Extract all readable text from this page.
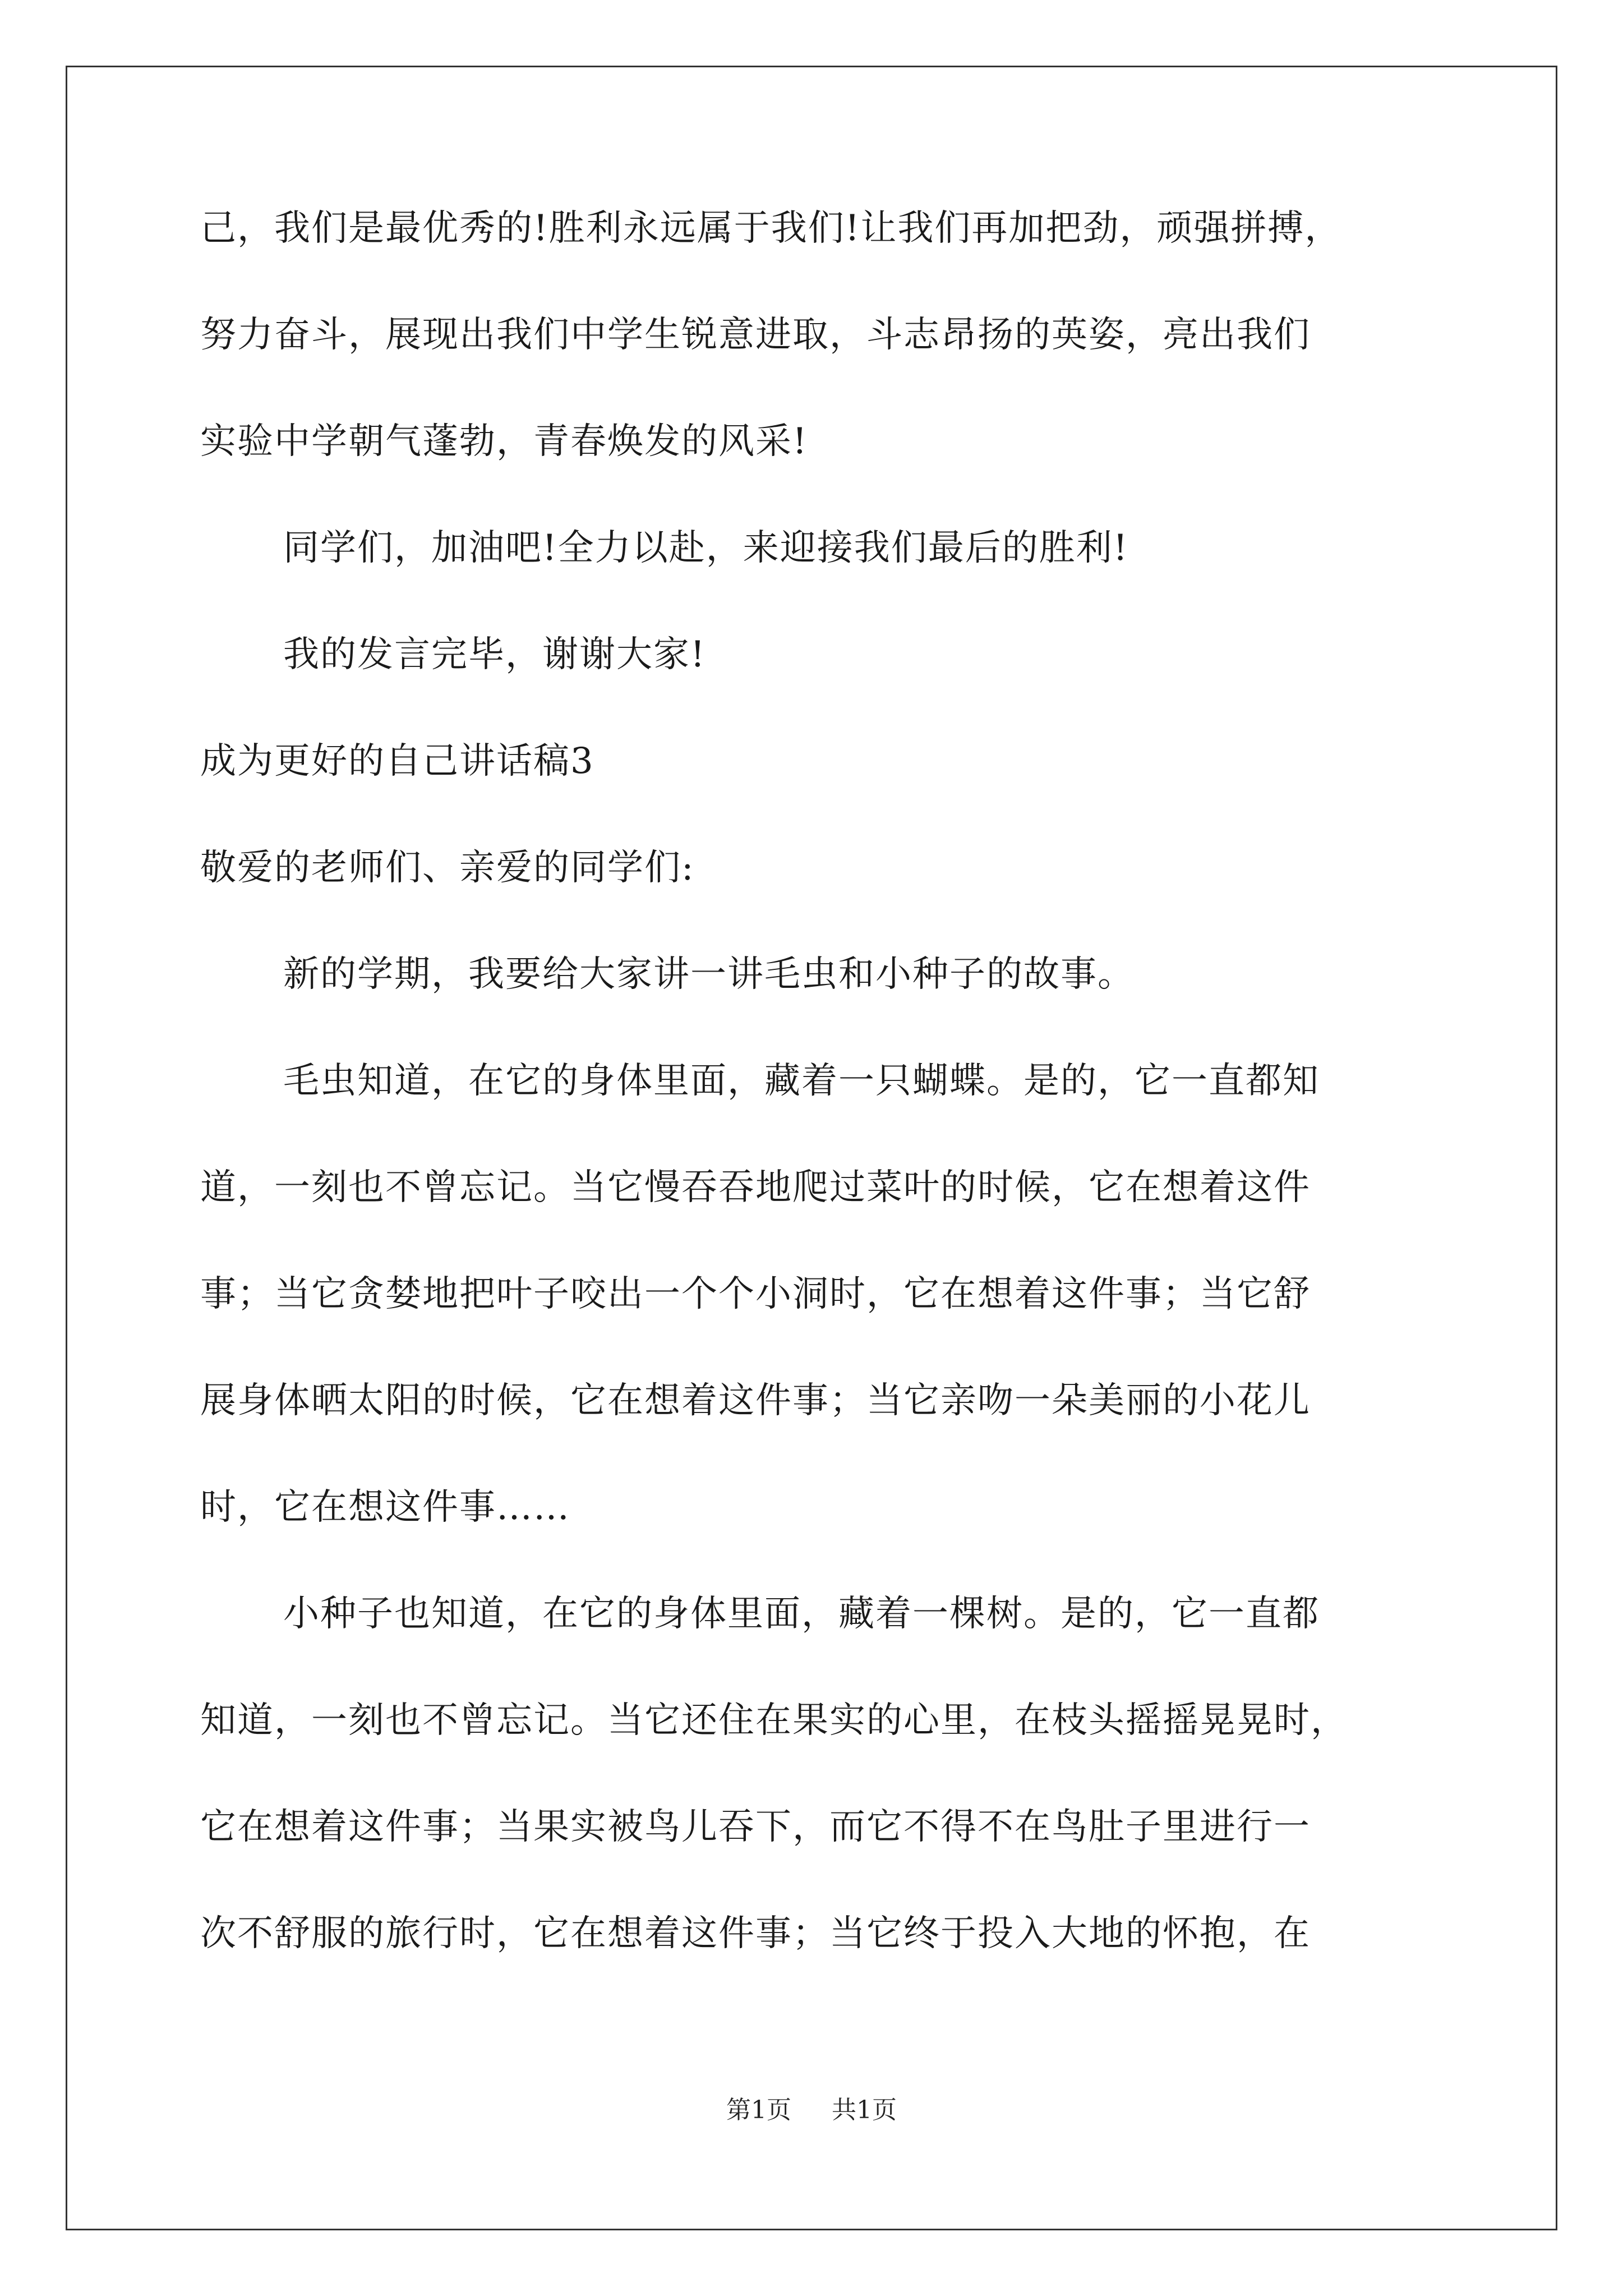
己，我们是最优秀的!胜利永远属于我们!让我们再加把劲，顽强拼搏，
努力奋斗，展现出我们中学生锐意进取，斗志昂扬的英姿，亮出我们
实验中学朝气蓬勃，青春焕发的风采!
同学们，加油吧!全力以赴，来迎接我们最后的胜利!
我的发言完毕，谢谢大家!
成为更好的自己讲话稿3
敬爱的老师们、亲爱的同学们:
新的学期，我要给大家讲一讲毛虫和小种子的故事。
毛虫知道，在它的身体里面，藏着一只蝴蝶。是的，它一直都知
道，一刻也不曾忘记。当它慢吞吞地爬过菜叶的时候，它在想着这件
事；当它贪婪地把叶子咬出一个个小洞时，它在想着这件事；当它舒
展身体晒太阳的时候，它在想着这件事；当它亲吻一朵美丽的小花儿
时，它在想这件事……
小种子也知道，在它的身体里面，藏着一棵树。是的，它一直都
知道，一刻也不曾忘记。当它还住在果实的心里，在枝头摇摇晃晃时，
它在想着这件事；当果实被鸟儿吞下，而它不得不在鸟肚子里进行一
次不舒服的旅行时，它在想着这件事；当它终于投入大地的怀抱，在
第1页 共1页
